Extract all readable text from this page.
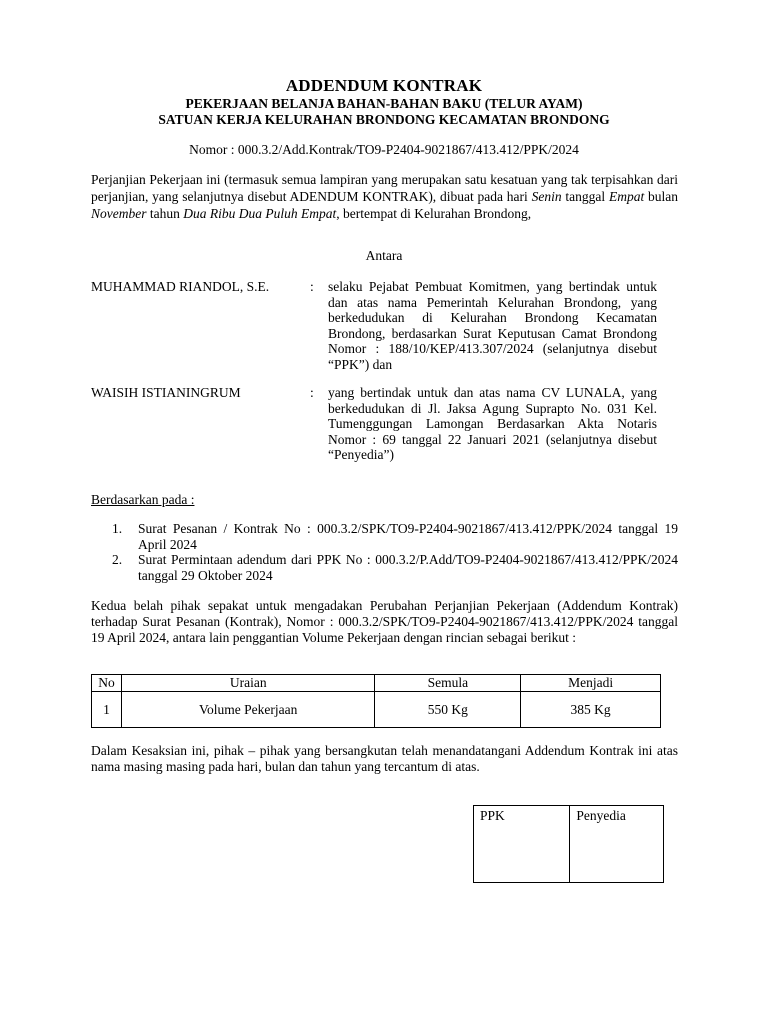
ADDENDUM KONTRAK
PEKERJAAN BELANJA BAHAN-BAHAN BAKU (TELUR AYAM)
SATUAN KERJA KELURAHAN BRONDONG KECAMATAN BRONDONG
Nomor : 000.3.2/Add.Kontrak/TO9-P2404-9021867/413.412/PPK/2024
Perjanjian Pekerjaan ini (termasuk semua lampiran yang merupakan satu kesatuan yang tak terpisahkan dari perjanjian, yang selanjutnya disebut ADENDUM KONTRAK), dibuat pada hari Senin tanggal Empat bulan November tahun Dua Ribu Dua Puluh Empat, bertempat di Kelurahan Brondong,
Antara
MUHAMMAD RIANDOL, S.E.	: selaku Pejabat Pembuat Komitmen, yang bertindak untuk dan atas nama Pemerintah Kelurahan Brondong, yang berkedudukan di Kelurahan Brondong Kecamatan Brondong, berdasarkan Surat Keputusan Camat Brondong Nomor : 188/10/KEP/413.307/2024 (selanjutnya disebut “PPK”) dan
WAISIH ISTIANINGRUM	: yang bertindak untuk dan atas nama CV LUNALA, yang berkedudukan di Jl. Jaksa Agung Suprapto No. 031 Kel. Tumenggungan Lamongan Berdasarkan Akta Notaris Nomor : 69 tanggal 22 Januari 2021 (selanjutnya disebut “Penyedia”)
Berdasarkan pada :
1. Surat Pesanan / Kontrak No : 000.3.2/SPK/TO9-P2404-9021867/413.412/PPK/2024 tanggal 19 April 2024
2. Surat Permintaan adendum dari PPK No : 000.3.2/P.Add/TO9-P2404-9021867/413.412/PPK/2024 tanggal 29 Oktober 2024
Kedua belah pihak sepakat untuk mengadakan Perubahan Perjanjian Pekerjaan (Addendum Kontrak) terhadap Surat Pesanan (Kontrak), Nomor : 000.3.2/SPK/TO9-P2404-9021867/413.412/PPK/2024 tanggal 19 April 2024, antara lain penggantian Volume Pekerjaan dengan rincian sebagai berikut :
No	Uraian	Semula	Menjadi
1	Volume Pekerjaan	550 Kg	385 Kg
Dalam Kesaksian ini, pihak – pihak yang bersangkutan telah menandatangani Addendum Kontrak ini atas nama masing masing pada hari, bulan dan tahun yang tercantum di atas.
PPK	Penyedia
